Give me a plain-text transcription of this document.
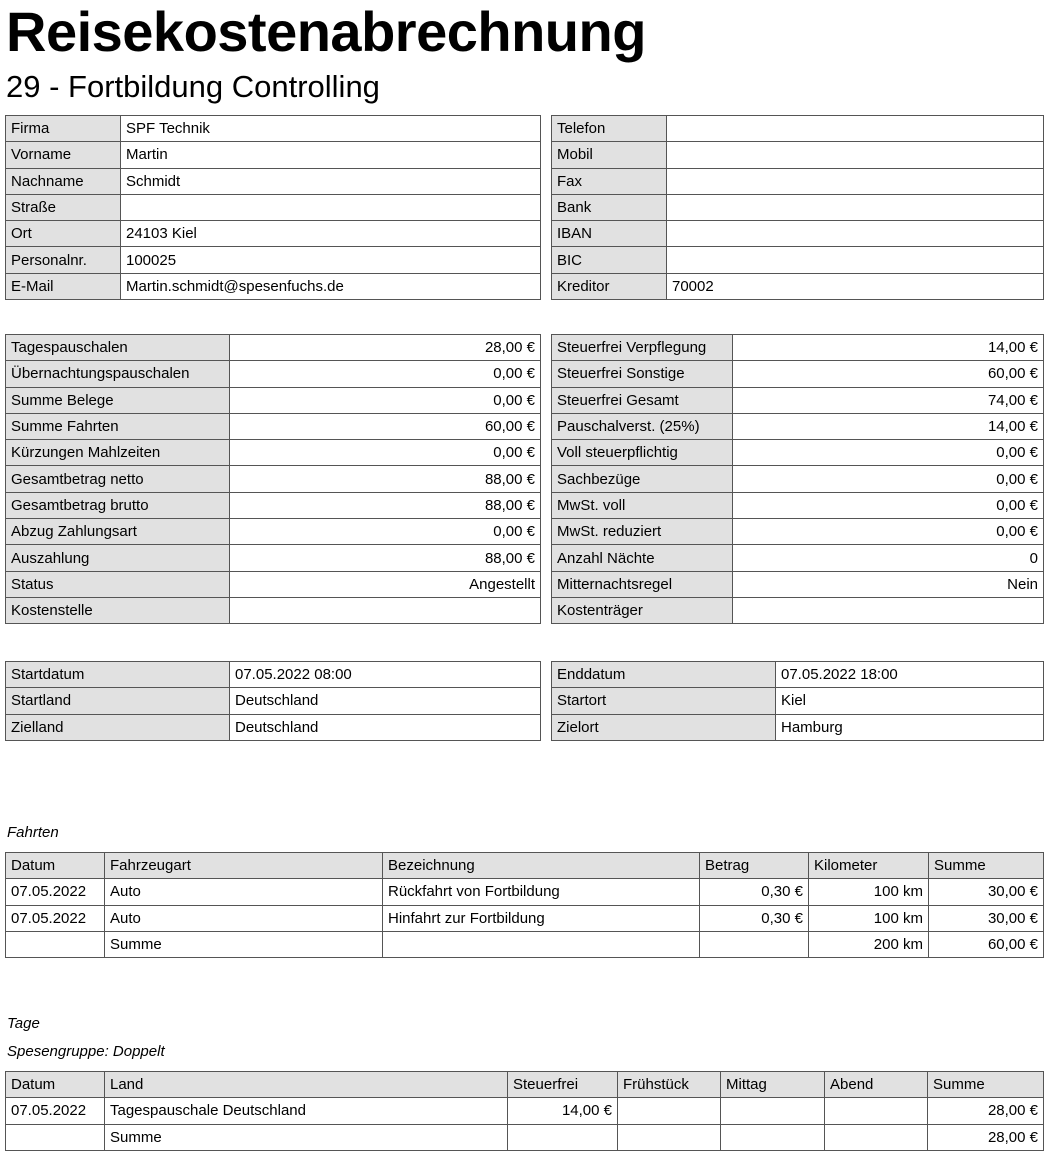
Reisekostenabrechnung
29 - Fortbildung Controlling
Firma	SPF Technik
Vorname	Martin
Nachname	Schmidt
Straße	
Ort	24103 Kiel
Personalnr.	100025
E-Mail	Martin.schmidt@spesenfuchs.de
Telefon	
Mobil	
Fax	
Bank	
IBAN	
BIC	
Kreditor	70002
Tagespauschalen	28,00 €
Übernachtungspauschalen	0,00 €
Summe Belege	0,00 €
Summe Fahrten	60,00 €
Kürzungen Mahlzeiten	0,00 €
Gesamtbetrag netto	88,00 €
Gesamtbetrag brutto	88,00 €
Abzug Zahlungsart	0,00 €
Auszahlung	88,00 €
Status	Angestellt
Kostenstelle	
Steuerfrei Verpflegung	14,00 €
Steuerfrei Sonstige	60,00 €
Steuerfrei Gesamt	74,00 €
Pauschalverst. (25%)	14,00 €
Voll steuerpflichtig	0,00 €
Sachbezüge	0,00 €
MwSt. voll	0,00 €
MwSt. reduziert	0,00 €
Anzahl Nächte	0
Mitternachtsregel	Nein
Kostenträger	
Startdatum	07.05.2022 08:00
Startland	Deutschland
Zielland	Deutschland
Enddatum	07.05.2022 18:00
Startort	Kiel
Zielort	Hamburg
Fahrten
Datum	Fahrzeugart	Bezeichnung	Betrag	Kilometer	Summe
07.05.2022	Auto	Rückfahrt von Fortbildung	0,30 €	100 km	30,00 €
07.05.2022	Auto	Hinfahrt zur Fortbildung	0,30 €	100 km	30,00 €
	Summe			200 km	60,00 €
Tage
Spesengruppe: Doppelt
Datum	Land	Steuerfrei	Frühstück	Mittag	Abend	Summe
07.05.2022	Tagespauschale Deutschland	14,00 €				28,00 €
	Summe					28,00 €
